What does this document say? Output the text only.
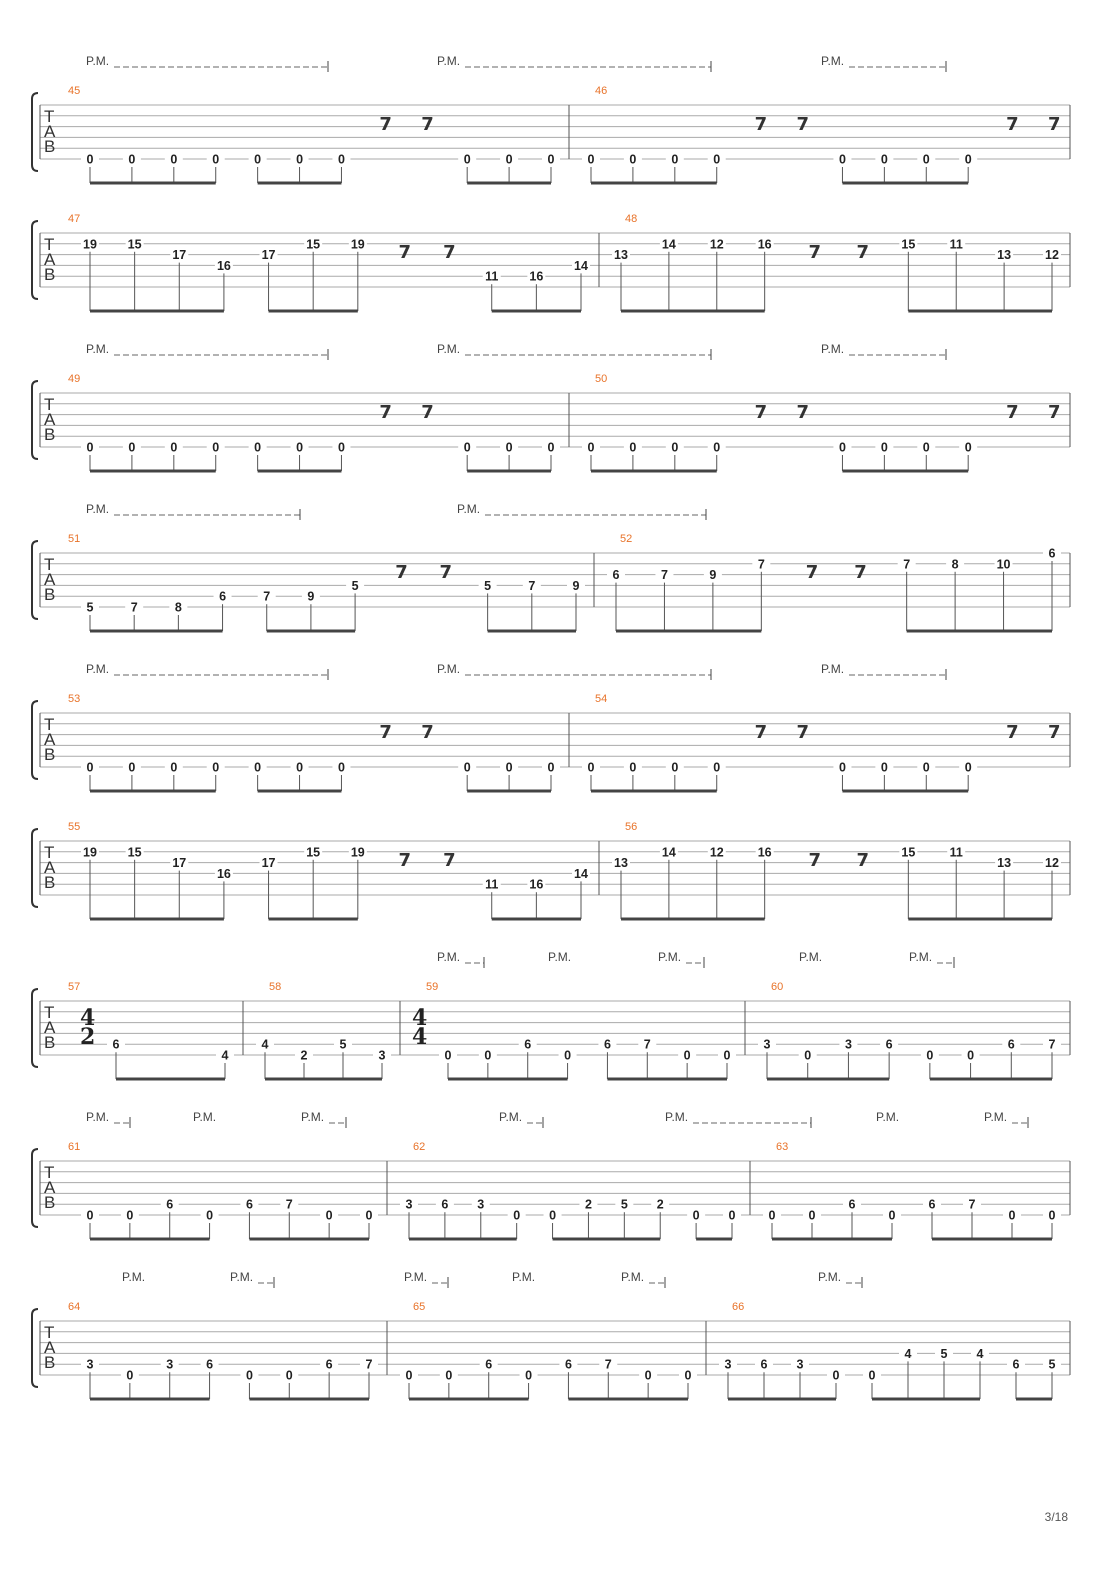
P.M.	P.M.	P.M.
T
A
B
45
0	0	0	0	0	0	0
7 7
0	0	0
46
0	0	0	0
7 7
0	0	0	0
7 7
T
A
B
47
19 15
17
16
17
15 19 7 7
11 16
14
48
13
14	12	16 7 7	15	11
13	12
P.M.	P.M.	P.M.
T
A
B
49
0	0	0	0	0	0	0
7 7
0	0	0
50
0	0	0	0
7 7
0	0	0	0
7 7
P.M.	P.M.
T
A
B
51
5	7	8
6	7	9
5
7 7
5	7	9
52
6	7	9
7 7 7	7	8	10
6
P.M.	P.M.	P.M.
T
A
B
53
0	0	0	0	0	0	0
7 7
0	0	0
54
0	0	0	0
7 7
0	0	0	0
7 7
T
A
B
55
19 15
17
16
17
15 19 7 7
11 16
14
56
13
14	12	16 7 7	15	11
13	12
P.M.	P.M.	P.M.	P.M.	P.M.
T
A
B
57
4
2 6
4
58
4
2
5
3
59
4
4
0	0
6
0
6	7
0	0
60
3
0
3	6
0	0
6	7
P.M.	P.M.	P.M.	P.M.	P.M.	P.M.	P.M.
T
A
B
61
0	0
6
0
6	7
0	0
62
3 6 3
0 0
2 5 2
0 0
63
0	0
6
0
6	7
0	0
P.M.	P.M.	P.M.	P.M.	P.M.	P.M.
T
A
B
64
3
0
3	6
0	0
6	7
65
0	0
6
0
6	7
0	0
66
3 6 3
0 0
4 5 4
6 5
3/18
